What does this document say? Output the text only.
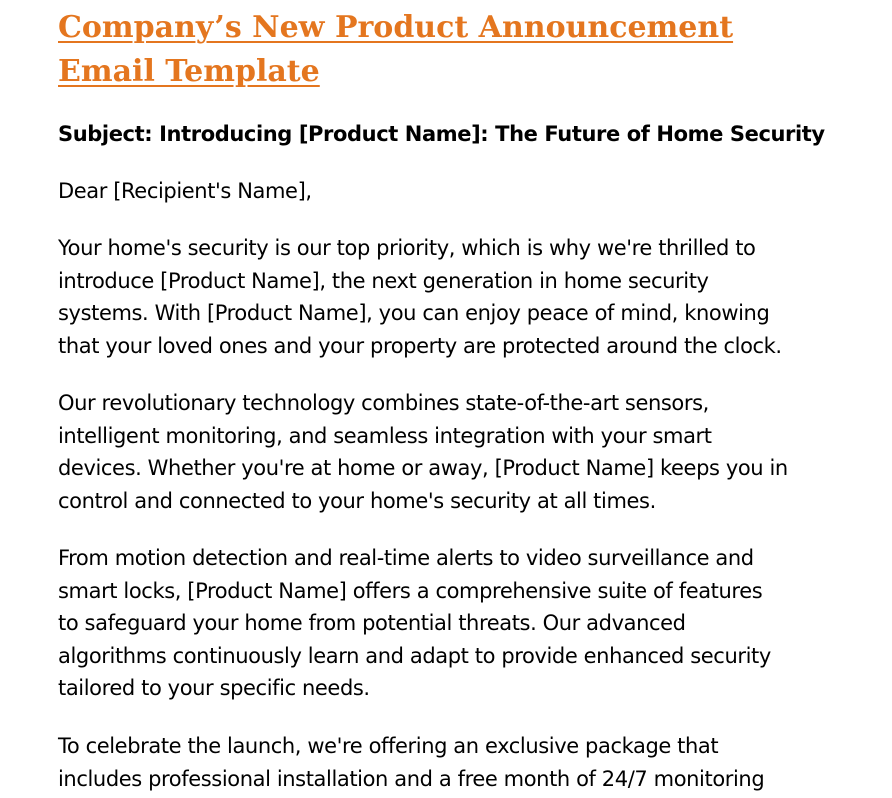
Company’s New Product Announcement
Email Template

Subject: Introducing [Product Name]: The Future of Home Security

Dear [Recipient's Name],

Your home's security is our top priority, which is why we're thrilled to
introduce [Product Name], the next generation in home security
systems. With [Product Name], you can enjoy peace of mind, knowing
that your loved ones and your property are protected around the clock.

Our revolutionary technology combines state-of-the-art sensors,
intelligent monitoring, and seamless integration with your smart
devices. Whether you're at home or away, [Product Name] keeps you in
control and connected to your home's security at all times.

From motion detection and real-time alerts to video surveillance and
smart locks, [Product Name] offers a comprehensive suite of features
to safeguard your home from potential threats. Our advanced
algorithms continuously learn and adapt to provide enhanced security
tailored to your specific needs.

To celebrate the launch, we're offering an exclusive package that
includes professional installation and a free month of 24/7 monitoring
